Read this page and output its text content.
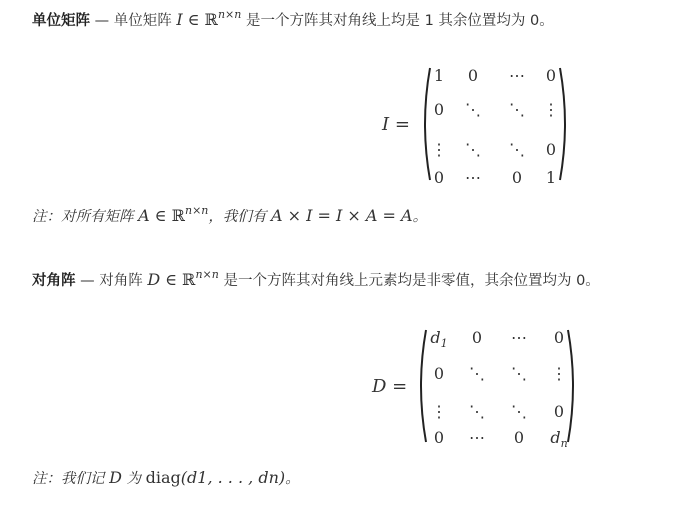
单位矩阵 — 单位矩阵 I ∈ ℝ$^{n\times n}$ 是一个方阵其对角线上均是 1 其余位置均为 0。
I =
1	0	⋯	0
0	⋱	⋱	⋮
⋮	⋱	⋱	0
0	⋯	0	1
注：对所有矩阵 A ∈ ℝ$^{n\times n}$，我们有 A × I = I × A = A。
对角阵 — 对角阵 D ∈ ℝ$^{n\times n}$ 是一个方阵其对角线上元素均是非零值，其余位置均为 0。
D =
$d_1$	0	⋯	0
0	⋱	⋱	⋮
⋮	⋱	⋱	0
0	⋯	0	$d_n$
注：我们记 D 为 diag(d1, . . . , dn)。
